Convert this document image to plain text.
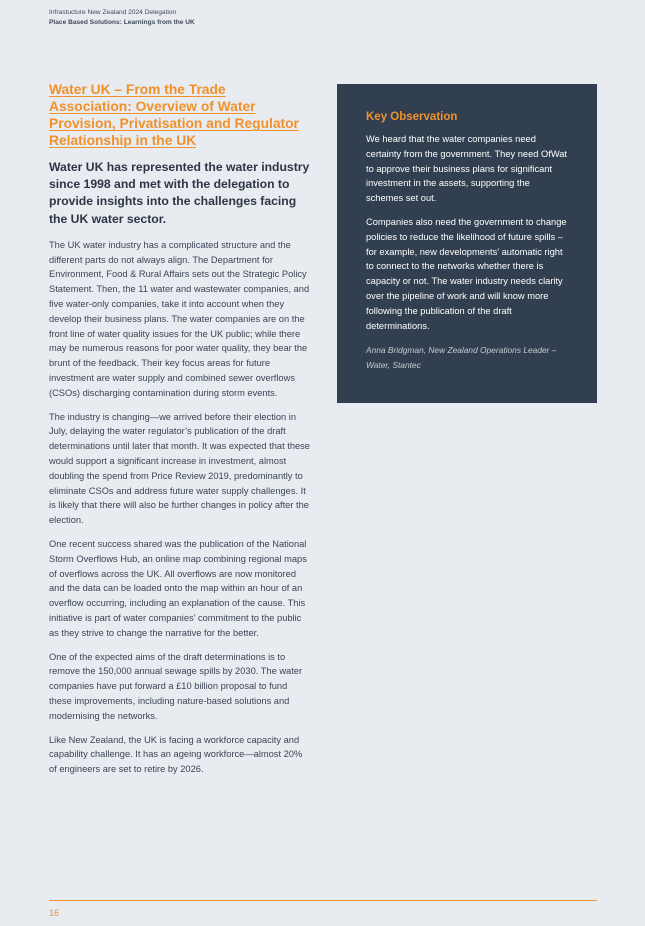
Infrastucture New Zealand 2024 Delegation
Place Based Solutions: Learnings from the UK
Water UK – From the Trade
Association: Overview of Water
Provision, Privatisation and Regulator
Relationship in the UK

Water UK has represented the water industry since 1998 and met with the delegation to provide insights into the challenges facing the UK water sector.

The UK water industry has a complicated structure and the different parts do not always align. The Department for Environment, Food & Rural Affairs sets out the Strategic Policy Statement. Then, the 11 water and wastewater companies, and five water-only companies, take it into account when they develop their business plans. The water companies are on the front line of water quality issues for the UK public; while there may be numerous reasons for poor water quality, they bear the brunt of the feedback. Their key focus areas for future investment are water supply and combined sewer overflows (CSOs) discharging contamination during storm events.

The industry is changing—we arrived before their election in July, delaying the water regulator’s publication of the draft determinations until later that month. It was expected that these would support a significant increase in investment, almost doubling the spend from Price Review 2019, predominantly to eliminate CSOs and address future water supply challenges. It is likely that there will also be further changes in policy after the election.

One recent success shared was the publication of the National Storm Overflows Hub, an online map combining regional maps of overflows across the UK. All overflows are now monitored and the data can be loaded onto the map within an hour of an overflow occurring, including an explanation of the cause. This initiative is part of water companies’ commitment to the public as they strive to change the narrative for the better.

One of the expected aims of the draft determinations is to remove the 150,000 annual sewage spills by 2030. The water companies have put forward a £10 billion proposal to fund these improvements, including nature-based solutions and modernising the networks.

Like New Zealand, the UK is facing a workforce capacity and capability challenge. It has an ageing workforce—almost 20% of engineers are set to retire by 2026.

Key Observation

We heard that the water companies need certainty from the government. They need OfWat to approve their business plans for significant investment in the assets, supporting the schemes set out.

Companies also need the government to change policies to reduce the likelihood of future spills – for example, new developments’ automatic right to connect to the networks whether there is capacity or not. The water industry needs clarity over the pipeline of work and will know more following the publication of the draft determinations.

Anna Bridgman, New Zealand Operations Leader – Water, Stantec

16
